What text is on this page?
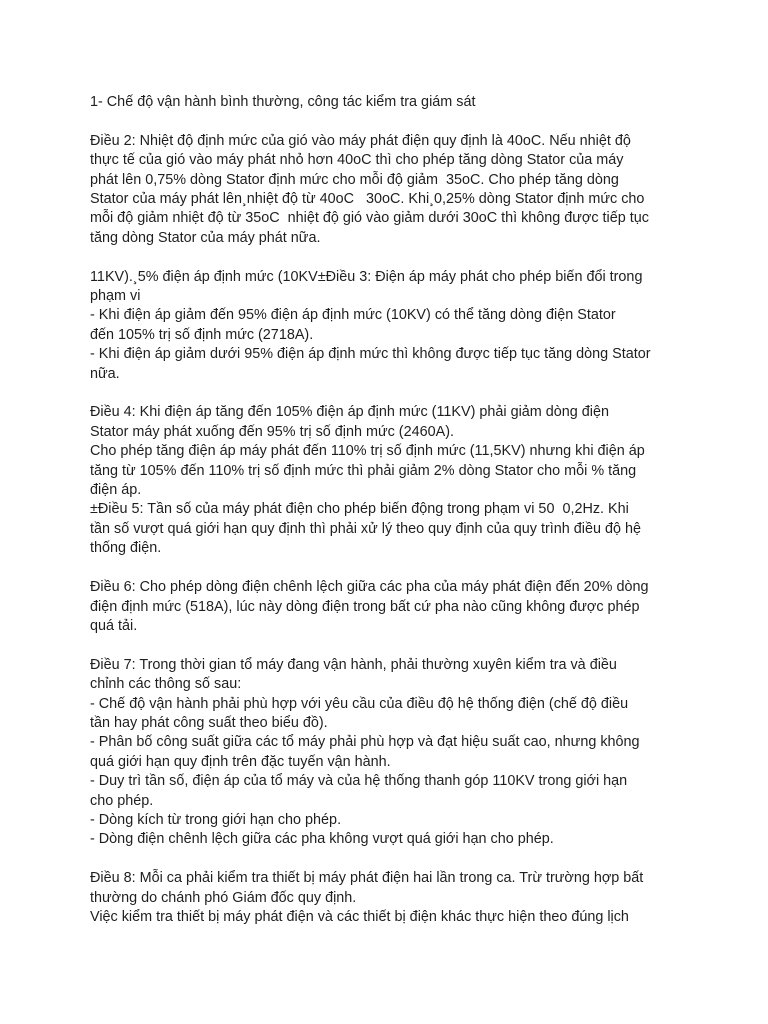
1- Chế độ vận hành bình thường, công tác kiểm tra giám sát
Điều 2: Nhiệt độ định mức của gió vào máy phát điện quy định là 40oC. Nếu nhiệt độ
thực tế của gió vào máy phát nhỏ hơn 40oC thì cho phép tăng dòng Stator của máy
phát lên 0,75% dòng Stator định mức cho mỗi độ giảm  35oC. Cho phép tăng dòng
Stator của máy phát lên¸nhiệt độ từ 40oC   30oC. Khi¸0,25% dòng Stator định mức cho
mỗi độ giảm nhiệt độ từ 35oC  nhiệt độ gió vào giảm dưới 30oC thì không được tiếp tục
tăng dòng Stator của máy phát nữa.
11KV).¸5% điện áp định mức (10KV±Điều 3: Điện áp máy phát cho phép biến đổi trong
phạm vi
- Khi điện áp giảm đến 95% điện áp định mức (10KV) có thể tăng dòng điện Stator
đến 105% trị số định mức (2718A).
- Khi điện áp giảm dưới 95% điện áp định mức thì không được tiếp tục tăng dòng Stator
nữa.
Điều 4: Khi điện áp tăng đến 105% điện áp định mức (11KV) phải giảm dòng điện
Stator máy phát xuống đến 95% trị số định mức (2460A).
Cho phép tăng điện áp máy phát đến 110% trị số định mức (11,5KV) nhưng khi điện áp
tăng từ 105% đến 110% trị số định mức thì phải giảm 2% dòng Stator cho mỗi % tăng
điện áp.
±Điều 5: Tần số của máy phát điện cho phép biến động trong phạm vi 50  0,2Hz. Khi
tần số vượt quá giới hạn quy định thì phải xử lý theo quy định của quy trình điều độ hệ
thống điện.
Điều 6: Cho phép dòng điện chênh lệch giữa các pha của máy phát điện đến 20% dòng
điện định mức (518A), lúc này dòng điện trong bất cứ pha nào cũng không được phép
quá tải.
Điều 7: Trong thời gian tổ máy đang vận hành, phải thường xuyên kiểm tra và điều
chỉnh các thông số sau:
- Chế độ vận hành phải phù hợp với yêu cầu của điều độ hệ thống điện (chế độ điều
tần hay phát công suất theo biểu đồ).
- Phân bố công suất giữa các tổ máy phải phù hợp và đạt hiệu suất cao, nhưng không
quá giới hạn quy định trên đặc tuyến vận hành.
- Duy trì tần số, điện áp của tổ máy và của hệ thống thanh góp 110KV trong giới hạn
cho phép.
- Dòng kích từ trong giới hạn cho phép.
- Dòng điện chênh lệch giữa các pha không vượt quá giới hạn cho phép.
Điều 8: Mỗi ca phải kiểm tra thiết bị máy phát điện hai lần trong ca. Trừ trường hợp bất
thường do chánh phó Giám đốc quy định.
Việc kiểm tra thiết bị máy phát điện và các thiết bị điện khác thực hiện theo đúng lịch
